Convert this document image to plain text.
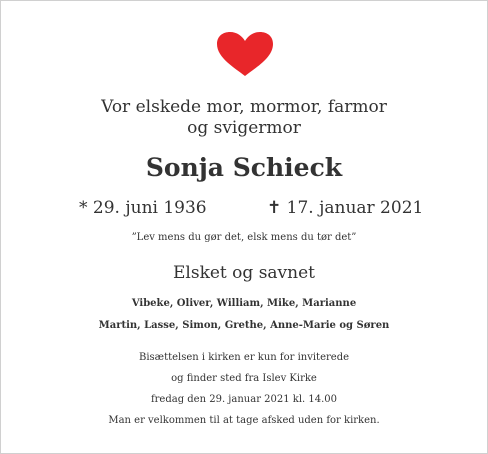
Vor elskede mor, mormor, farmor
og svigermor
Sonja Schieck
* 29. juni 1936	✝ 17. januar 2021
”Lev mens du gør det, elsk mens du tør det”
Elsket og savnet
Vibeke, Oliver, William, Mike, Marianne
Martin, Lasse, Simon, Grethe, Anne-Marie og Søren
Bisættelsen i kirken er kun for inviterede
og finder sted fra Islev Kirke
fredag den 29. januar 2021 kl. 14.00
Man er velkommen til at tage afsked uden for kirken.
